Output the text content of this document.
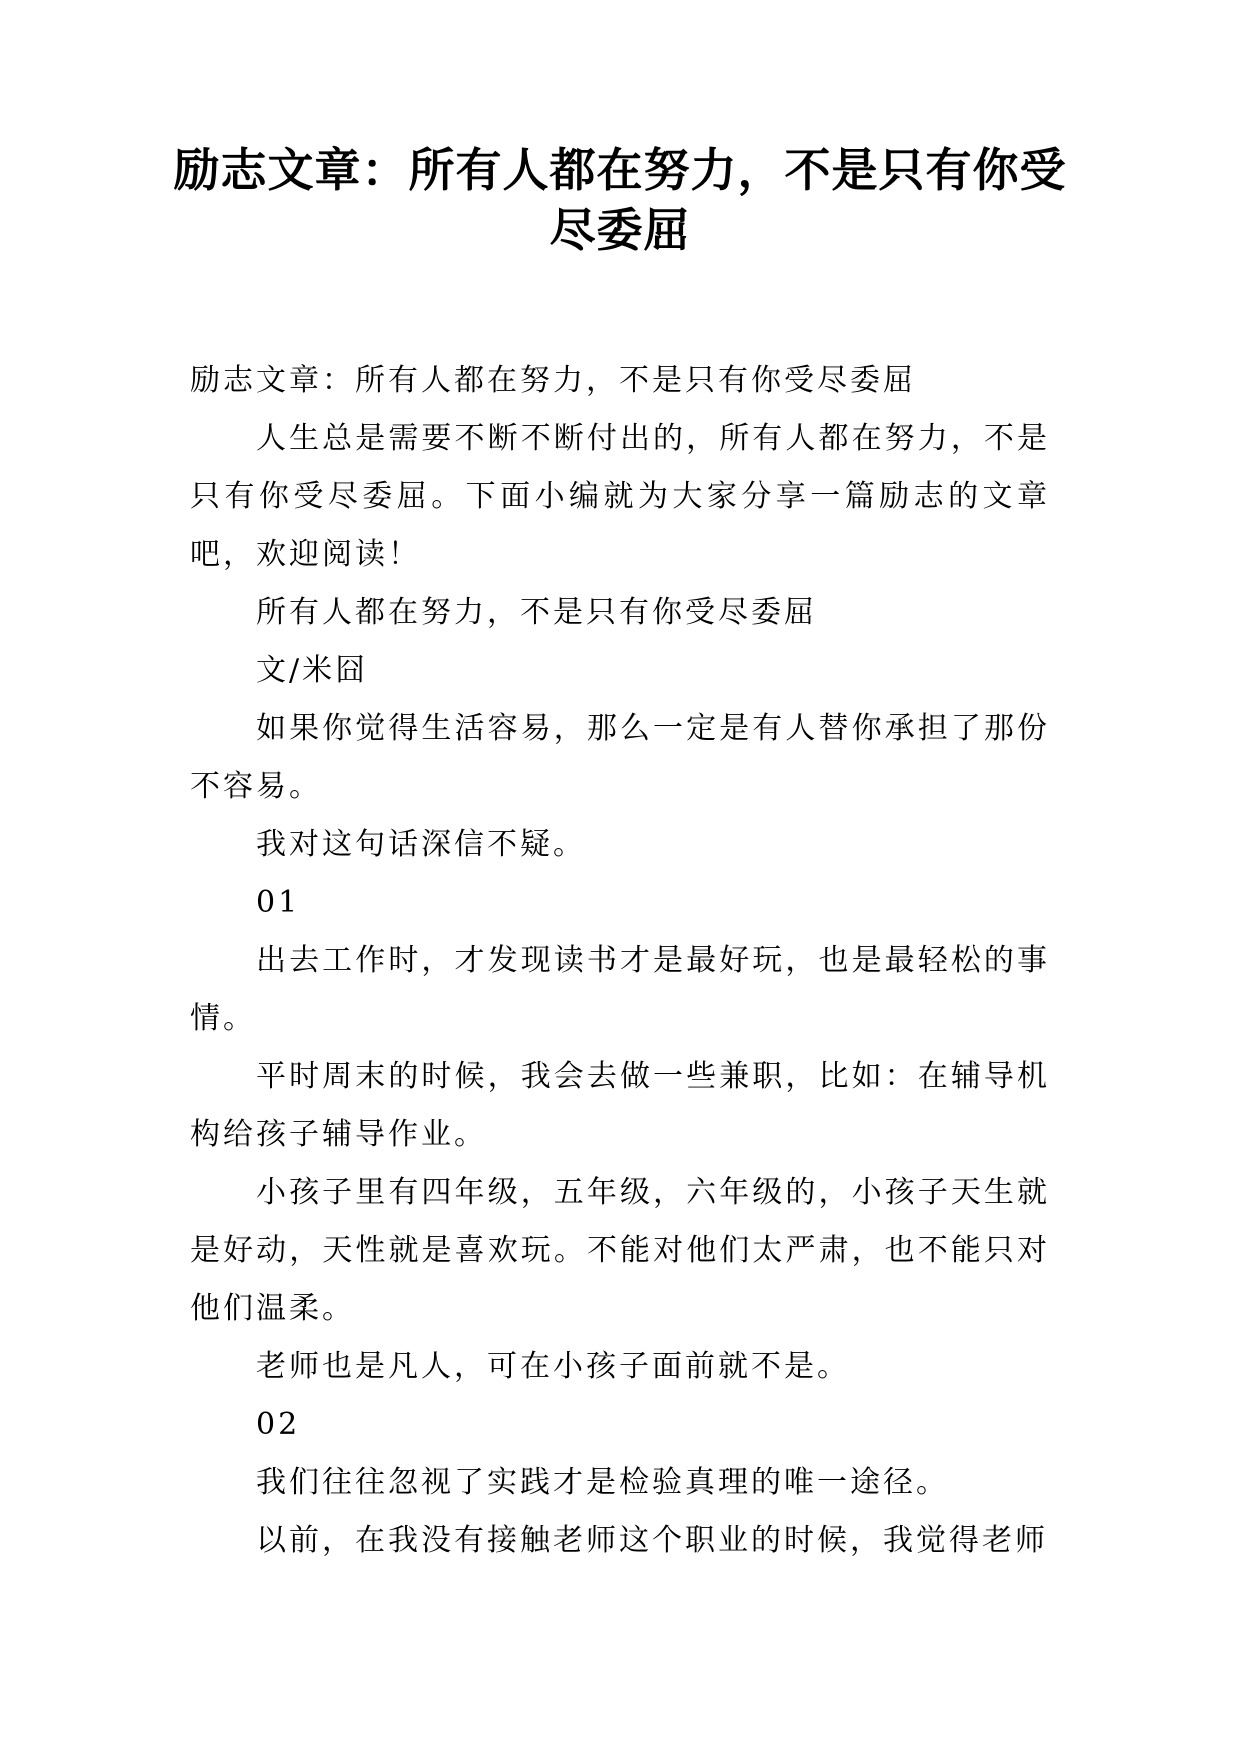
励志文章：所有人都在努力，不是只有你受尽委屈

励志文章：所有人都在努力，不是只有你受尽委屈

人生总是需要不断不断付出的，所有人都在努力，不是只有你受尽委屈。下面小编就为大家分享一篇励志的文章吧，欢迎阅读！

所有人都在努力，不是只有你受尽委屈

文/米囧

如果你觉得生活容易，那么一定是有人替你承担了那份不容易。

我对这句话深信不疑。

01

出去工作时，才发现读书才是最好玩，也是最轻松的事情。

平时周末的时候，我会去做一些兼职，比如：在辅导机构给孩子辅导作业。

小孩子里有四年级，五年级，六年级的，小孩子天生就是好动，天性就是喜欢玩。不能对他们太严肃，也不能只对他们温柔。

老师也是凡人，可在小孩子面前就不是。

02

我们往往忽视了实践才是检验真理的唯一途径。

以前，在我没有接触老师这个职业的时候，我觉得老师
